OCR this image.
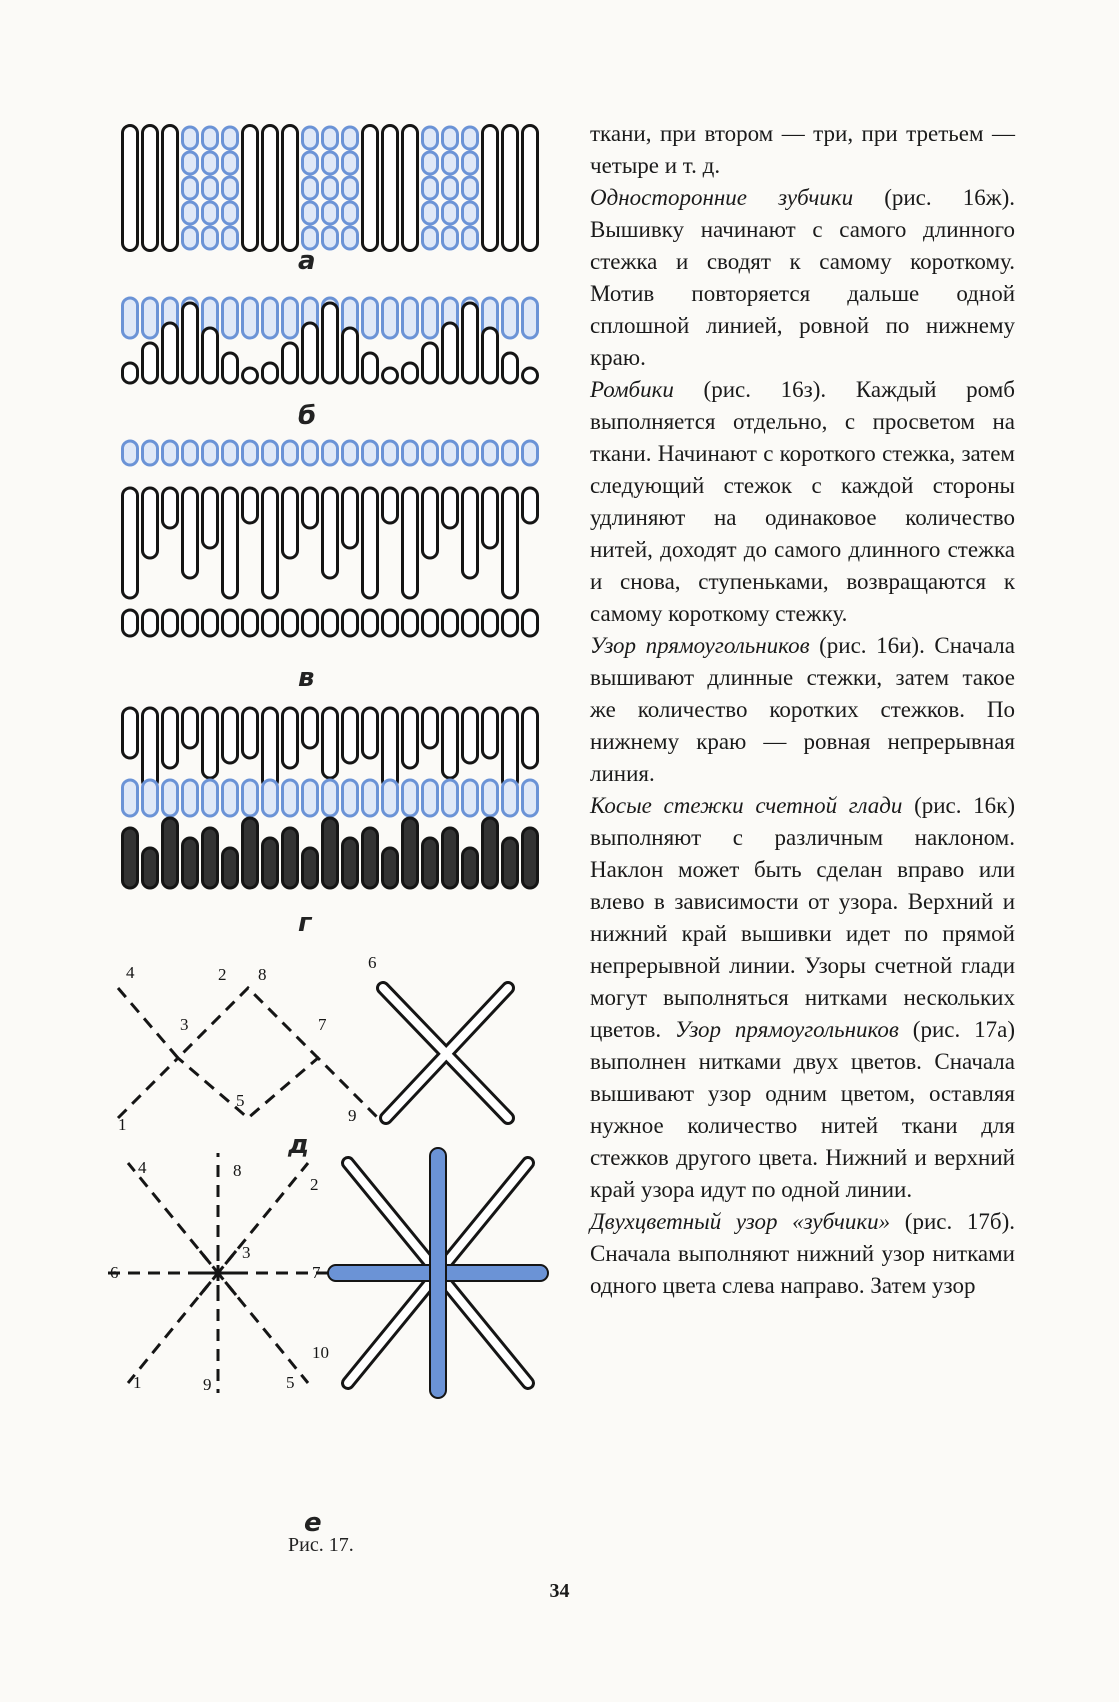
4	2 8
6
3	7
1
5
9
4	8
2
3
6	7
10
1	9	5
а
б
в
г
д
е
Рис. 17.

ткани, при втором — три, при третьем — четыре и т. д.

Односторонние зубчики (рис. 16ж). Вышивку начинают с самого длинного стежка и сводят к самому короткому. Мотив повторяется дальше одной сплошной линией, ровной по нижнему краю.

Ромбики (рис. 16з). Каждый ромб выполняется отдельно, с просветом на ткани. Начинают с короткого стежка, затем следующий стежок с каждой стороны удлиняют на одинаковое количество нитей, доходят до самого длинного стежка и снова, ступеньками, возвращаются к самому короткому стежку.

Узор прямоугольников (рис. 16и). Сначала вышивают длинные стежки, затем такое же количество коротких стежков. По нижнему краю — ровная непрерывная линия.

Косые стежки счетной глади (рис. 16к) выполняют с различным наклоном. Наклон может быть сделан вправо или влево в зависимости от узора. Верхний и нижний край вышивки идет по прямой непрерывной линии. Узоры счетной глади могут выполняться нитками нескольких цветов. Узор прямоугольников (рис. 17а) выполнен нитками двух цветов. Сначала вышивают узор одним цветом, оставляя нужное количество нитей ткани для стежков другого цвета. Нижний и верхний край узора идут по одной линии.

Двухцветный узор «зубчики» (рис. 17б). Сначала выполняют нижний узор нитками одного цвета слева направо. Затем узор

34
